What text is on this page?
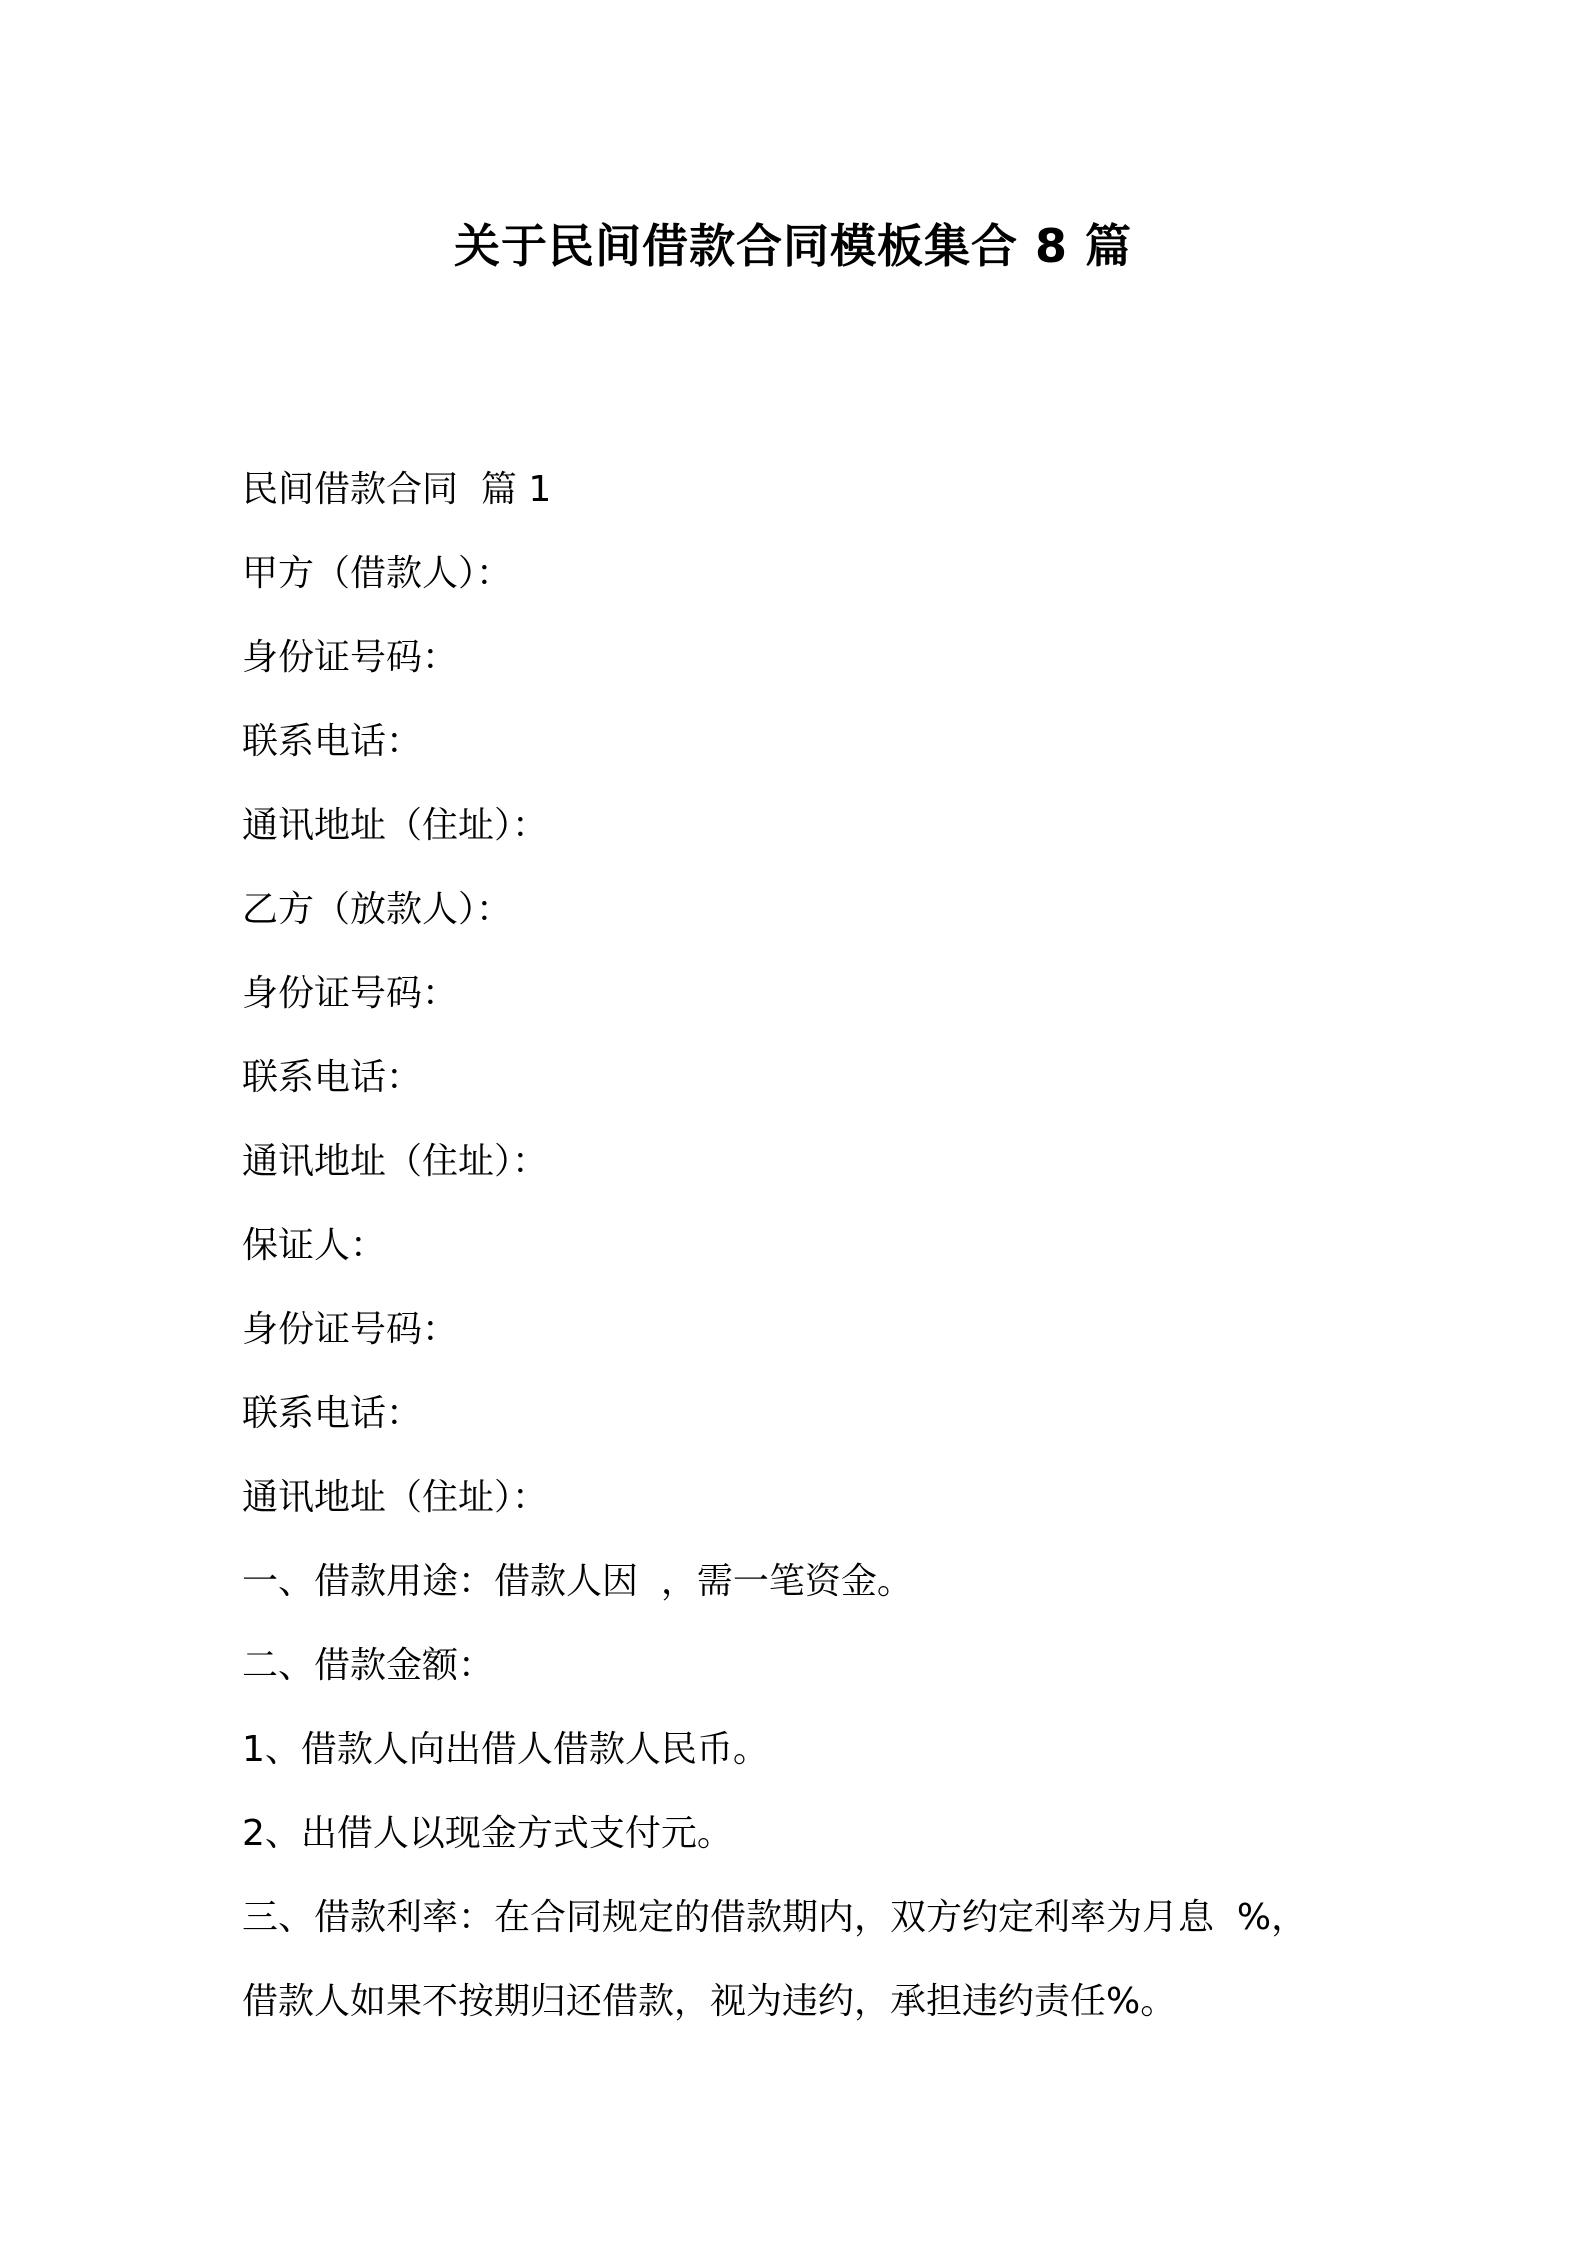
关于民间借款合同模板集合 8 篇
民间借款合同  篇 1
甲方（借款人）：
身份证号码：
联系电话：
通讯地址（住址）：
乙方（放款人）：
身份证号码：
联系电话：
通讯地址（住址）：
保证人：
身份证号码：
联系电话：
通讯地址（住址）：
一、借款用途：借款人因  ，需一笔资金。
二、借款金额：
1、借款人向出借人借款人民币。
2、出借人以现金方式支付元。
三、借款利率：在合同规定的借款期内，双方约定利率为月息  %，
借款人如果不按期归还借款，视为违约，承担违约责任%。
